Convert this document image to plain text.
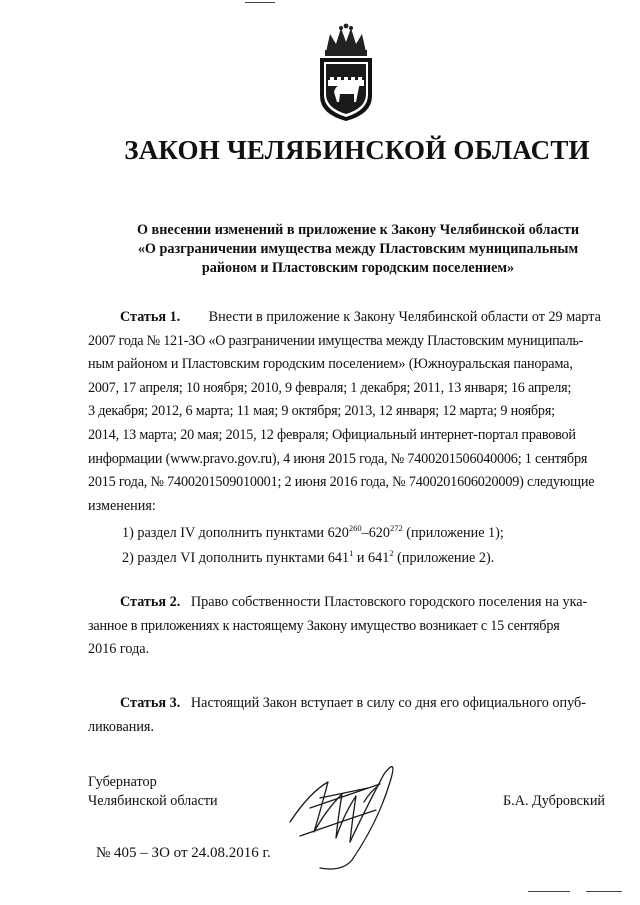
ЗАКОН ЧЕЛЯБИНСКОЙ ОБЛАСТИ
О внесении изменений в приложение к Закону Челябинской области
«О разграничении имущества между Пластовским муниципальным
районом и Пластовским городским поселением»
Статья 1. Внести в приложение к Закону Челябинской области от 29 марта
2007 года № 121-ЗО «О разграничении имущества между Пластовским муниципаль-
ным районом и Пластовским городским поселением» (Южноуральская панорама,
2007, 17 апреля; 10 ноября; 2010, 9 февраля; 1 декабря; 2011, 13 января; 16 апреля;
3 декабря; 2012, 6 марта; 11 мая; 9 октября; 2013, 12 января; 12 марта; 9 ноября;
2014, 13 марта; 20 мая; 2015, 12 февраля; Официальный интернет-портал правовой
информации (www.pravo.gov.ru), 4 июня 2015 года, № 7400201506040006; 1 сентября
2015 года, № 7400201509010001; 2 июня 2016 года, № 7400201606020009) следующие
изменения:
1) раздел IV дополнить пунктами $620^{260}-620^{272}$ (приложение 1);
2) раздел VI дополнить пунктами $641^1$ и $641^2$ (приложение 2).
Статья 2. Право собственности Пластовского городского поселения на ука-
занное в приложениях к настоящему Закону имущество возникает с 15 сентября
2016 года.
Статья 3. Настоящий Закон вступает в силу со дня его официального опуб-
ликования.
Губернатор
Челябинской области	Б.А. Дубровский
№ 405 – ЗО от 24.08.2016 г.
